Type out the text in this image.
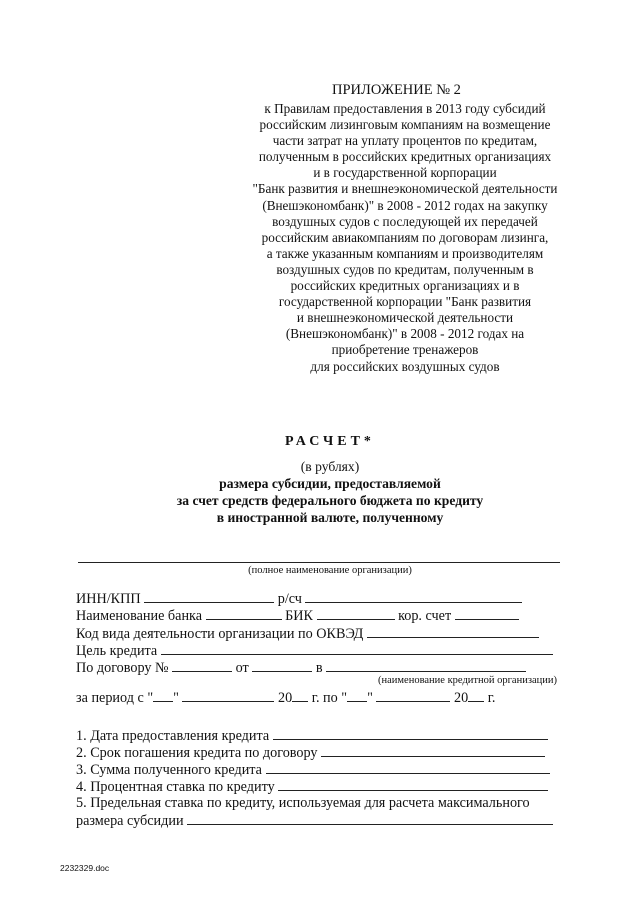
ПРИЛОЖЕНИЕ № 2
к Правилам предоставления в 2013 году субсидий
российским лизинговым компаниям на возмещение
части затрат на уплату процентов по кредитам,
полученным в российских кредитных организациях
и в государственной корпорации
"Банк развития и внешнеэкономической деятельности
(Внешэкономбанк)" в 2008 - 2012 годах на закупку
воздушных судов с последующей их передачей
российским авиакомпаниям по договорам лизинга,
а также указанным компаниям и производителям
воздушных судов по кредитам, полученным в
российских кредитных организациях и в
государственной корпорации "Банк развития
и внешнеэкономической деятельности
(Внешэкономбанк)" в 2008 - 2012 годах на
приобретение тренажеров
для российских воздушных судов
РАСЧЕТ*
(в рублях)
размера субсидии, предоставляемой
за счет средств федерального бюджета по кредиту
в иностранной валюте, полученному
(полное наименование организации)
ИНН/КПП	р/сч
Наименование банка	БИК	кор. счет
Код вида деятельности организации по ОКВЭД
Цель кредита
По договору №	от	в
(наименование кредитной организации)
за период с " "	20 г. по " "	20 г.
1. Дата предоставления кредита
2. Срок погашения кредита по договору
3. Сумма полученного кредита
4. Процентная ставка по кредиту
5. Предельная ставка по кредиту, используемая для расчета максимального
размера субсидии
2232329.doc
